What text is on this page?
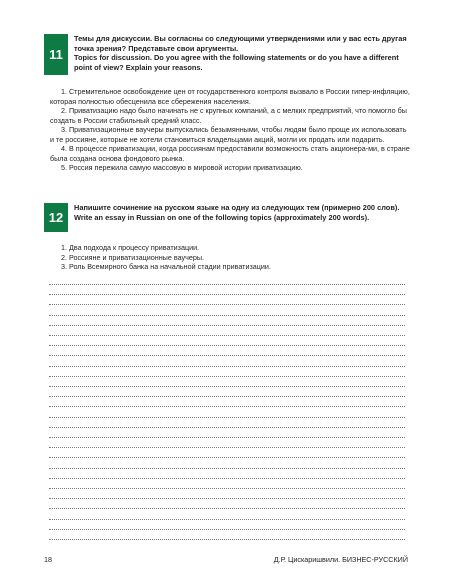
11

Темы для дискуссии. Вы согласны со следующими утверждениями или у вас есть другая точка зрения? Представьте свои аргументы.

Topics for discussion. Do you agree with the following statements or do you have a different point of view? Explain your reasons.

1. Стремительное освобождение цен от государственного контроля вызвало в России гипер-инфляцию, которая полностью обесценила все сбережения населения.

2. Приватизацию надо было начинать не с крупных компаний, а с мелких предприятий, что помогло бы создать в России стабильный средний класс.

3. Приватизационные ваучеры выпускались безымянными, чтобы людям было проще их использовать и те россияне, которые не хотели становиться владельцами акций, могли их продать или подарить.

4. В процессе приватизации, когда россиянам предоставили возможность стать акционера-ми, в стране была создана основа фондового рынка.

5. Россия пережила самую массовую в мировой истории приватизацию.

12

Напишите сочинение на русском языке на одну из следующих тем (примерно 200 слов).

Write an essay in Russian on one of the following topics (approximately 200 words).

1. Два подхода к процессу приватизации.

2. Россияне и приватизационные ваучеры.

3. Роль Всемирного банка на начальной стадии приватизации.

18	Д.Р. Цискаришвили. БИЗНЕС-РУССКИЙ
